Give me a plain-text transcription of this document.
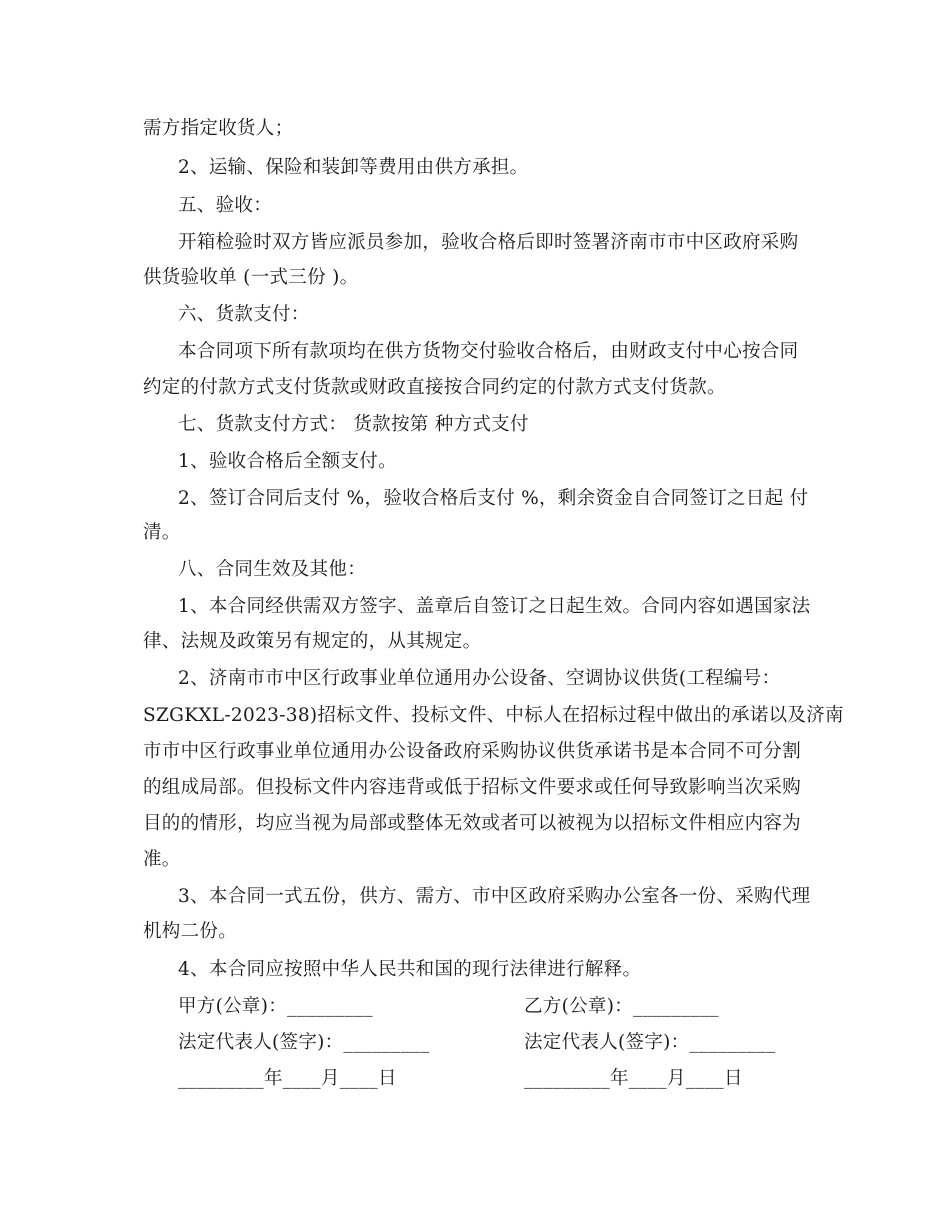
需方指定收货人；
2、运输、保险和装卸等费用由供方承担。
五、验收：
开箱检验时双方皆应派员参加，验收合格后即时签署济南市市中区政府采购
供货验收单 (一式三份 )。
六、货款支付：
本合同项下所有款项均在供方货物交付验收合格后，由财政支付中心按合同
约定的付款方式支付货款或财政直接按合同约定的付款方式支付货款。
七、货款支付方式： 货款按第 种方式支付
1、验收合格后全额支付。
2、签订合同后支付 %，验收合格后支付 %，剩余资金自合同签订之日起 付
清。
八、合同生效及其他：
1、本合同经供需双方签字、盖章后自签订之日起生效。合同内容如遇国家法
律、法规及政策另有规定的，从其规定。
2、济南市市中区行政事业单位通用办公设备、空调协议供货(工程编号：
SZGKXL-2023-38)招标文件、投标文件、中标人在招标过程中做出的承诺以及济南
市市中区行政事业单位通用办公设备政府采购协议供货承诺书是本合同不可分割
的组成局部。但投标文件内容违背或低于招标文件要求或任何导致影响当次采购
目的的情形，均应当视为局部或整体无效或者可以被视为以招标文件相应内容为
准。
3、本合同一式五份，供方、需方、市中区政府采购办公室各一份、采购代理
机构二份。
4、本合同应按照中华人民共和国的现行法律进行解释。
甲方(公章)：_________	乙方(公章)：_________
法定代表人(签字)：_________	法定代表人(签字)：_________
_________年____月____日	_________年____月____日
